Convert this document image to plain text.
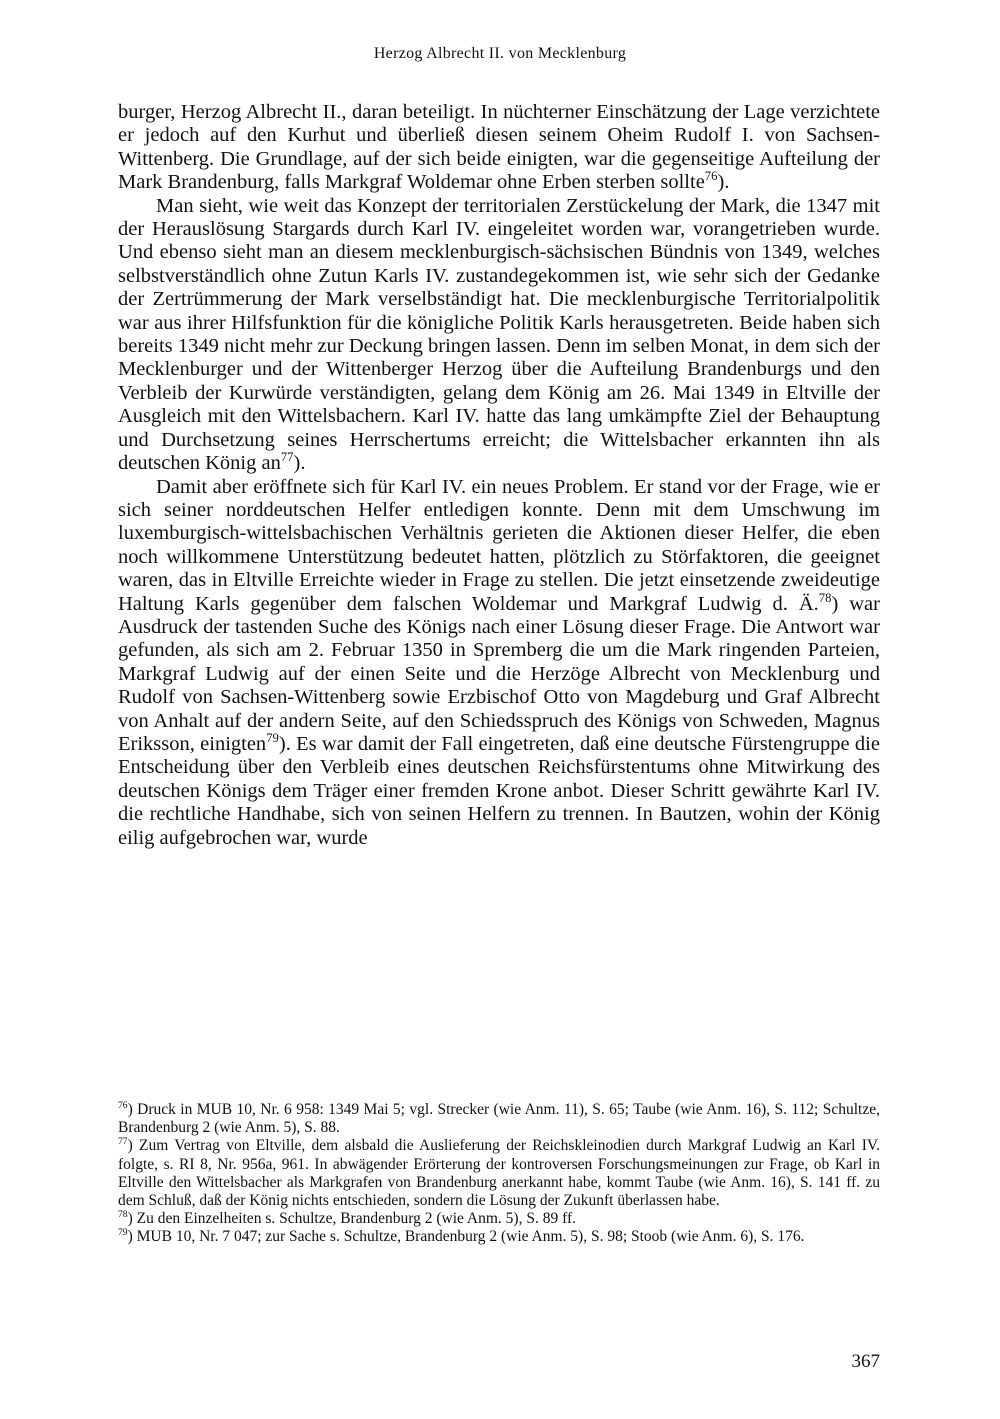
Herzog Albrecht II. von Mecklenburg

burger, Herzog Albrecht II., daran beteiligt. In nüchterner Einschätzung der Lage verzichtete er jedoch auf den Kurhut und überließ diesen seinem Oheim Rudolf I. von Sachsen-Wittenberg. Die Grundlage, auf der sich beide einigten, war die gegenseitige Aufteilung der Mark Brandenburg, falls Markgraf Woldemar ohne Erben sterben sollte$^{76}$).

Man sieht, wie weit das Konzept der territorialen Zerstückelung der Mark, die 1347 mit der Herauslösung Stargards durch Karl IV. eingeleitet worden war, vorangetrieben wurde. Und ebenso sieht man an diesem mecklenburgisch-sächsischen Bündnis von 1349, welches selbstverständlich ohne Zutun Karls IV. zustandegekommen ist, wie sehr sich der Gedanke der Zertrümmerung der Mark verselbständigt hat. Die mecklenburgische Territorialpolitik war aus ihrer Hilfsfunktion für die königliche Politik Karls herausgetreten. Beide haben sich bereits 1349 nicht mehr zur Deckung bringen lassen. Denn im selben Monat, in dem sich der Mecklenburger und der Wittenberger Herzog über die Aufteilung Brandenburgs und den Verbleib der Kurwürde verständigten, gelang dem König am 26. Mai 1349 in Eltville der Ausgleich mit den Wittelsbachern. Karl IV. hatte das lang umkämpfte Ziel der Behauptung und Durchsetzung seines Herrschertums erreicht; die Wittelsbacher erkannten ihn als deutschen König $an^{77}$).

Damit aber eröffnete sich für Karl IV. ein neues Problem. Er stand vor der Frage, wie er sich seiner norddeutschen Helfer entledigen konnte. Denn mit dem Umschwung im luxemburgisch-wittelsbachischen Verhältnis gerieten die Aktionen dieser Helfer, die eben noch willkommene Unterstützung bedeutet hatten, plötzlich zu Störfaktoren, die geeignet waren, das in Eltville Erreichte wieder in Frage zu stellen. Die jetzt einsetzende zweideutige Haltung Karls gegenüber dem falschen Woldemar und Markgraf Ludwig d. Ä.$^{78}$) war Ausdruck der tastenden Suche des Königs nach einer Lösung dieser Frage. Die Antwort war gefunden, als sich am 2. Februar 1350 in Spremberg die um die Mark ringenden Parteien, Markgraf Ludwig auf der einen Seite und die Herzöge Albrecht von Mecklenburg und Rudolf von Sachsen-Wittenberg sowie Erzbischof Otto von Magdeburg und Graf Albrecht von Anhalt auf der andern Seite, auf den Schiedsspruch des Königs von Schweden, Magnus Eriksson, einigten$^{79}$). Es war damit der Fall eingetreten, daß eine deutsche Fürstengruppe die Entscheidung über den Verbleib eines deutschen Reichsfürstentums ohne Mitwirkung des deutschen Königs dem Träger einer fremden Krone anbot. Dieser Schritt gewährte Karl IV. die rechtliche Handhabe, sich von seinen Helfern zu trennen. In Bautzen, wohin der König eilig aufgebrochen war, wurde

$^{76}$) Druck in MUB 10, Nr. 6 958: 1349 Mai 5; vgl. Strecker (wie Anm. 11), S. 65; Taube (wie Anm. 16), S. 112; Schultze, Brandenburg 2 (wie Anm. 5), S. 88.

$^{77}$) Zum Vertrag von Eltville, dem alsbald die Auslieferung der Reichskleinodien durch Markgraf Ludwig an Karl IV. folgte, s. RI 8, Nr. 956a, 961. In abwägender Erörterung der kontroversen Forschungsmeinungen zur Frage, ob Karl in Eltville den Wittelsbacher als Markgrafen von Brandenburg anerkannt habe, kommt Taube (wie Anm. 16), S. 141 ff. zu dem Schluß, daß der König nichts entschieden, sondern die Lösung der Zukunft überlassen habe.

$^{78}$) Zu den Einzelheiten s. Schultze, Brandenburg 2 (wie Anm. 5), S. 89 ff.

$^{79}$) MUB 10, Nr. 7 047; zur Sache s. Schultze, Brandenburg 2 (wie Anm. 5), S. 98; Stoob (wie Anm. 6), S. 176.

367
